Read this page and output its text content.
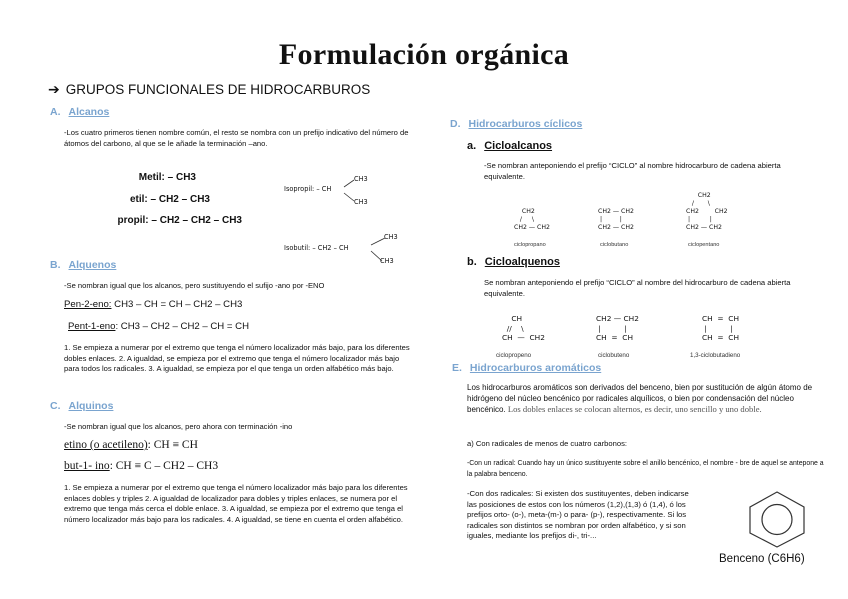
Formulación orgánica
➔ GRUPOS FUNCIONALES DE HIDROCARBUROS
A. Alcanos
-Los cuatro primeros tienen nombre común, el resto se nombra con un prefijo indicativo del número de átomos del carbono, al que se le añade la terminación –ano.
Metil: – CH3
etil: – CH2 – CH3
propil: – CH2 – CH2 – CH3
Isopropil: – CH
CH3
CH3
Isobutil: – CH2 – CH
CH3
CH3
B. Alquenos
-Se nombran igual que los alcanos, pero sustituyendo el sufijo -ano por -ENO
Pen-2-eno: CH3 – CH = CH – CH2 – CH3
Pent-1-eno: CH3 – CH2 – CH2 – CH = CH
1. Se empieza a numerar por el extremo que tenga el número localizador más bajo, para los diferentes dobles enlaces. 2. A igualdad, se empieza por el extremo que tenga el número localizador más bajo para todos los radicales. 3. A igualdad, se empieza por el que tenga un orden alfabético más bajo.
C. Alquinos
-Se nombran igual que los alcanos, pero ahora con terminación -ino
etino (o acetileno): CH ≡ CH
but-1- ino: CH ≡ C – CH2 – CH3
1. Se empieza a numerar por el extremo que tenga el número localizador más bajo para los diferentes enlaces dobles y triples 2. A igualdad de localizador para dobles y triples enlaces, se numera por el extremo que tenga más cerca el doble enlace. 3. A igualdad, se empieza por el extremo que tenga el número localizador más bajo para los radicales. 4. A igualdad, se tiene en cuenta el orden alfabético.
D. Hidrocarburos cíclicos
a. Cicloalcanos
-Se nombran anteponiendo el prefijo “CICLO” al nombre hidrocarburo de cadena abierta equivalente.
CH2
/     \
CH2 — CH2
CH2 — CH2
|         |
CH2 — CH2
CH2
/       \
CH2        CH2
|          |
CH2 — CH2
ciclopropano	ciclobutano	ciclopentano
b. Cicloalquenos
Se nombran anteponiendo el prefijo “CICLO” al nombre del hidrocarburo de cadena abierta equivalente.
CH
//    \
CH  —  CH2
CH2 — CH2
|          |
CH  =  CH
CH  =  CH
|          |
CH  =  CH
ciclopropeno	ciclobuteno	1,3-ciclobutadieno
E. Hidrocarburos aromáticos
Los hidrocarburos aromáticos son derivados del benceno, bien por sustitución de algún átomo de hidrógeno del núcleo bencénico por radicales alquílicos, o bien por condensación del núcleo bencénico. Los dobles enlaces se colocan alternos, es decir, uno sencillo y uno doble.
a) Con radicales de menos de cuatro carbonos:
-Con un radical: Cuando hay un único sustituyente sobre el anillo bencénico, el nombre - bre de aquel se antepone a la palabra benceno.
-Con dos radicales: Si existen dos sustituyentes, deben indicarse las posiciones de estos con los números (1,2),(1,3) ó (1,4), ó los prefijos orto- (o-), meta-(m-) o para- (p-), respectivamente. Si los radicales son distintos se nombran por orden alfabético, y si son iguales, mediante los prefijos di-, tri-...
Benceno (C6H6)
